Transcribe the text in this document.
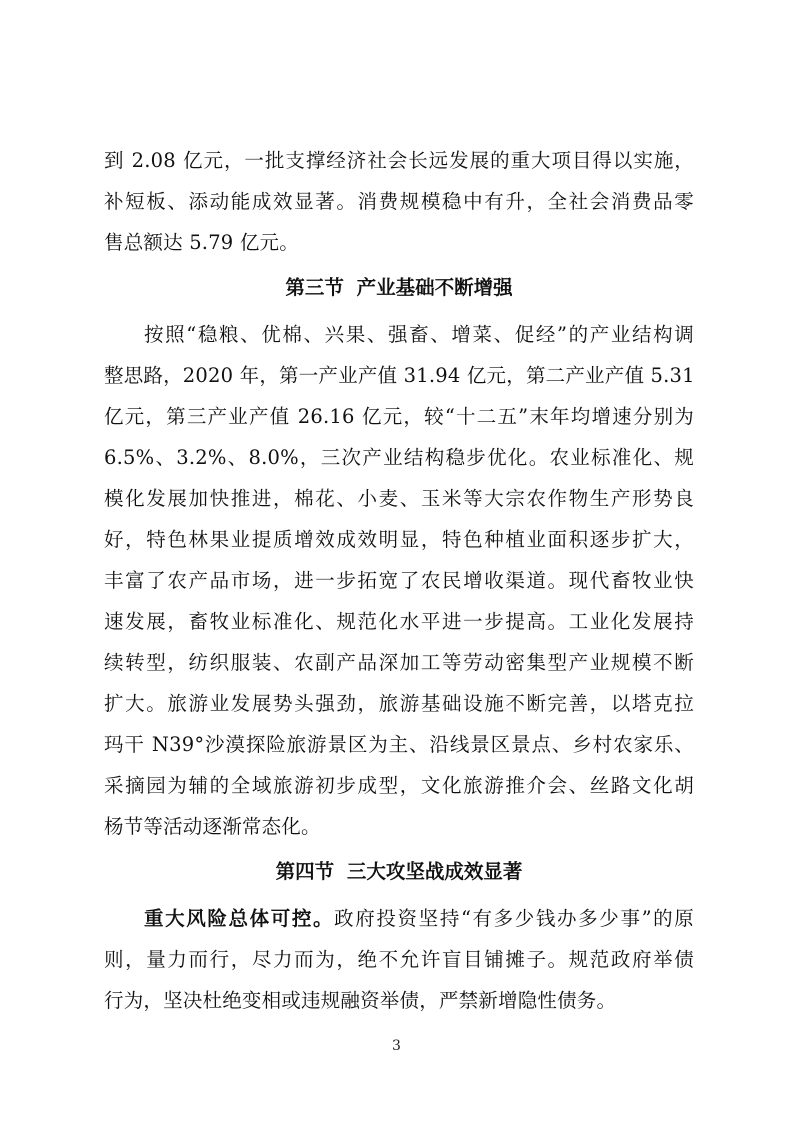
到 2.08 亿元，一批支撑经济社会长远发展的重大项目得以实施，
补短板、添动能成效显著。消费规模稳中有升，全社会消费品零
售总额达 5.79 亿元。
第三节 产业基础不断增强
按照“稳粮、优棉、兴果、强畜、增菜、促经”的产业结构调
整思路，2020 年，第一产业产值 31.94 亿元，第二产业产值 5.31
亿元，第三产业产值 26.16 亿元，较“十二五”末年均增速分别为
6.5%、3.2%、8.0%，三次产业结构稳步优化。农业标准化、规
模化发展加快推进，棉花、小麦、玉米等大宗农作物生产形势良
好，特色林果业提质增效成效明显，特色种植业面积逐步扩大，
丰富了农产品市场，进一步拓宽了农民增收渠道。现代畜牧业快
速发展，畜牧业标准化、规范化水平进一步提高。工业化发展持
续转型，纺织服装、农副产品深加工等劳动密集型产业规模不断
扩大。旅游业发展势头强劲，旅游基础设施不断完善，以塔克拉
玛干 N39°沙漠探险旅游景区为主、沿线景区景点、乡村农家乐、
采摘园为辅的全域旅游初步成型，文化旅游推介会、丝路文化胡
杨节等活动逐渐常态化。
第四节 三大攻坚战成效显著
重大风险总体可控。政府投资坚持“有多少钱办多少事”的原
则，量力而行，尽力而为，绝不允许盲目铺摊子。规范政府举债
行为，坚决杜绝变相或违规融资举债，严禁新增隐性债务。
3
